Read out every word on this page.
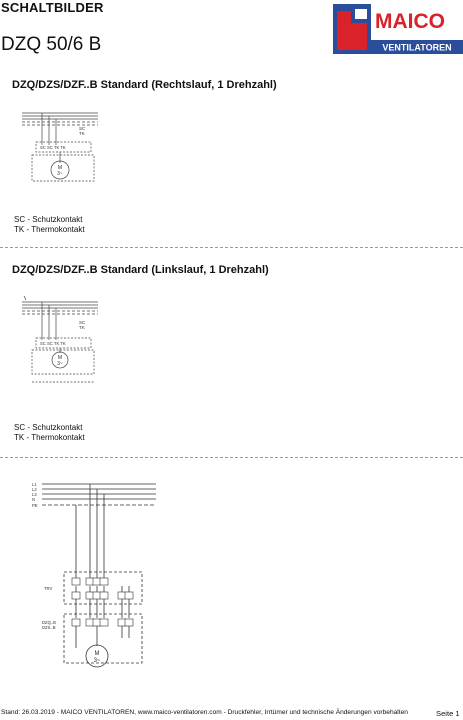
SCHALTBILDER
DZQ 50/6 B
MAICO
VENTILATOREN
DZQ/DZS/DZF..B Standard (Rechtslauf, 1 Drehzahl)
SC SC TK TK
SC
TK
M
3~
SC - Schutzkontakt
TK - Thermokontakt
DZQ/DZS/DZF..B Standard (Linkslauf, 1 Drehzahl)
SC SC TK TK
SC
TK
M
3~
SC - Schutzkontakt
TK - Thermokontakt
L1
L2
L3
N
PE
TRV
DZQ..B
DZS..B
M
3~
Stand: 26.03.2019 - MAICO VENTILATOREN, www.maico-ventilatoren.com - Druckfehler, Irrtümer und technische Änderungen vorbehalten	Seite 1
